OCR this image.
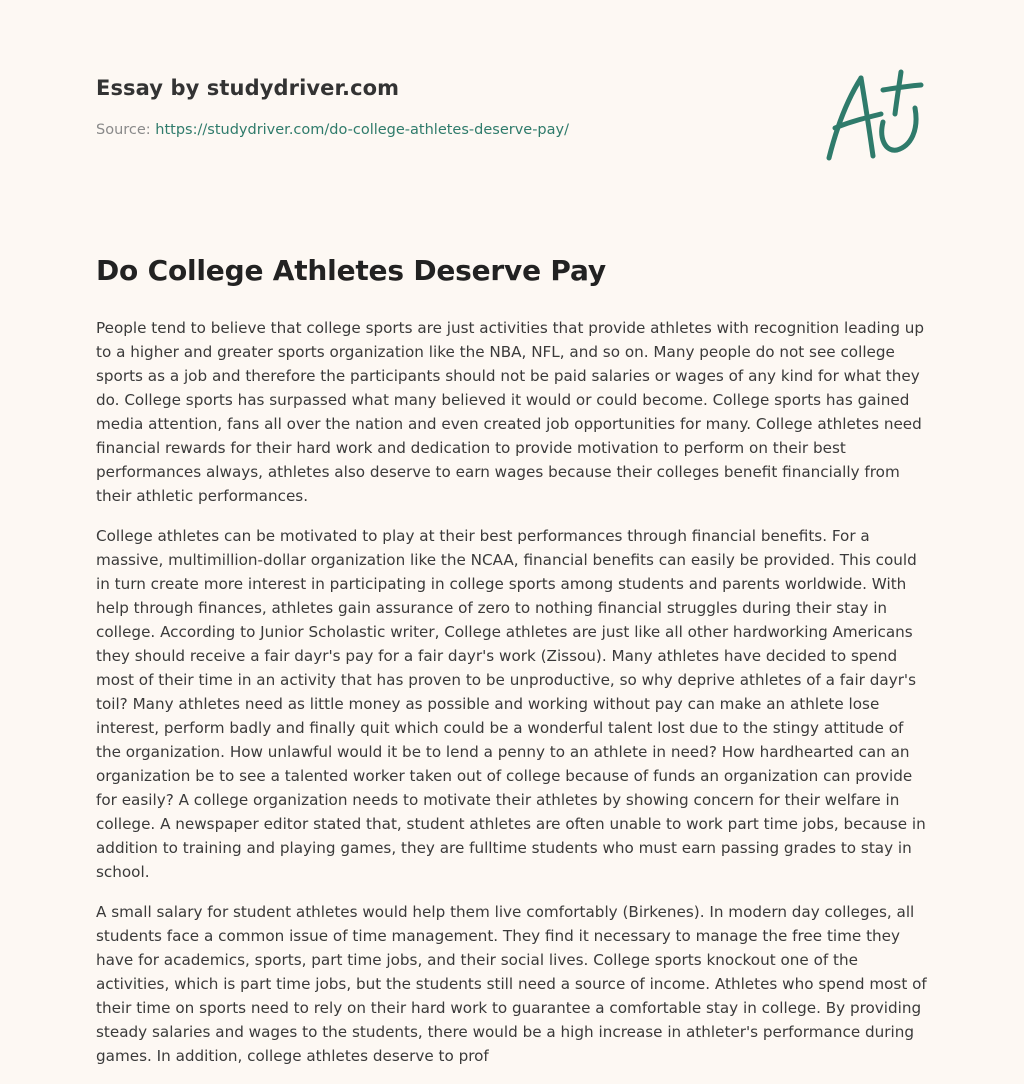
Essay by studydriver.com
Source: https://studydriver.com/do-college-athletes-deserve-pay/
Do College Athletes Deserve Pay

People tend to believe that college sports are just activities that provide athletes with recognition leading up to a higher and greater sports organization like the NBA, NFL, and so on. Many people do not see college sports as a job and therefore the participants should not be paid salaries or wages of any kind for what they do. College sports has surpassed what many believed it would or could become. College sports has gained media attention, fans all over the nation and even created job opportunities for many. College athletes need financial rewards for their hard work and dedication to provide motivation to perform on their best performances always, athletes also deserve to earn wages because their colleges benefit financially from their athletic performances.

College athletes can be motivated to play at their best performances through financial benefits. For a massive, multimillion-dollar organization like the NCAA, financial benefits can easily be provided. This could in turn create more interest in participating in college sports among students and parents worldwide. With help through finances, athletes gain assurance of zero to nothing financial struggles during their stay in college. According to Junior Scholastic writer, College athletes are just like all other hardworking Americans they should receive a fair dayr's pay for a fair dayr's work (Zissou). Many athletes have decided to spend most of their time in an activity that has proven to be unproductive, so why deprive athletes of a fair dayr's toil? Many athletes need as little money as possible and working without pay can make an athlete lose interest, perform badly and finally quit which could be a wonderful talent lost due to the stingy attitude of the organization. How unlawful would it be to lend a penny to an athlete in need? How hardhearted can an organization be to see a talented worker taken out of college because of funds an organization can provide for easily? A college organization needs to motivate their athletes by showing concern for their welfare in college. A newspaper editor stated that, student athletes are often unable to work part time jobs, because in addition to training and playing games, they are fulltime students who must earn passing grades to stay in school.

A small salary for student athletes would help them live comfortably (Birkenes). In modern day colleges, all students face a common issue of time management. They find it necessary to manage the free time they have for academics, sports, part time jobs, and their social lives. College sports knockout one of the activities, which is part time jobs, but the students still need a source of income. Athletes who spend most of their time on sports need to rely on their hard work to guarantee a comfortable stay in college. By providing steady salaries and wages to the students, there would be a high increase in athleter's performance during games. In addition, college athletes deserve to prof
